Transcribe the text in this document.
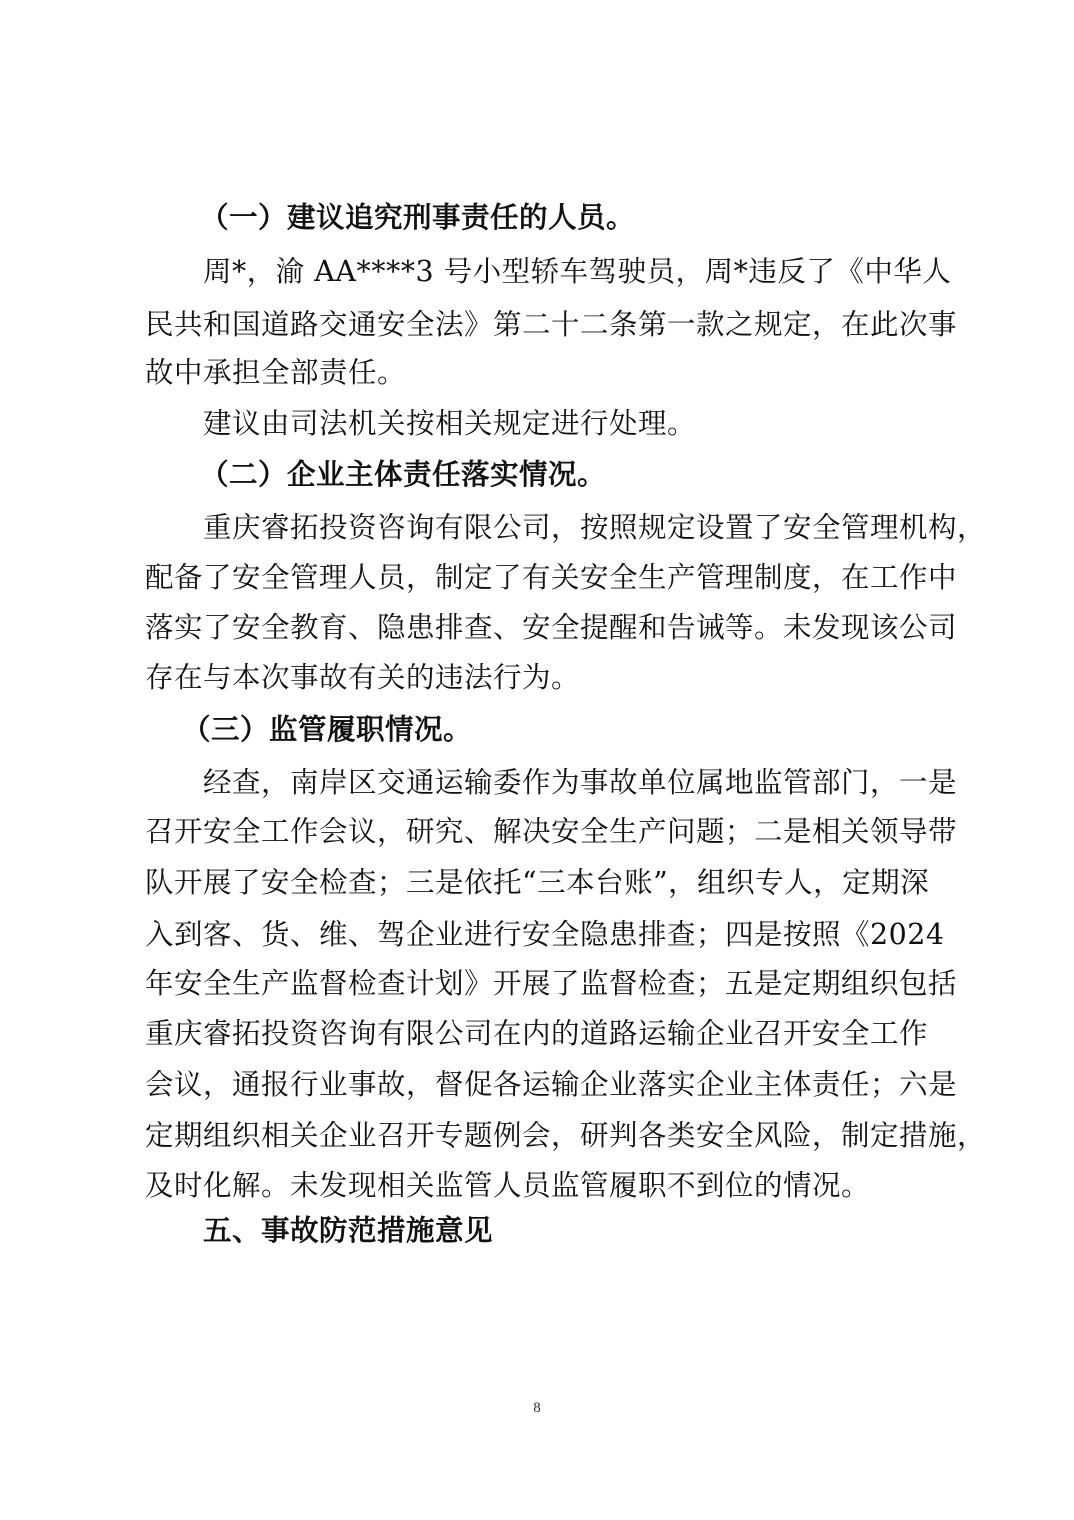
（一）建议追究刑事责任的人员。
周*，渝 AA****3 号小型轿车驾驶员，周*违反了《中华人
民共和国道路交通安全法》第二十二条第一款之规定，在此次事
故中承担全部责任。
建议由司法机关按相关规定进行处理。
（二）企业主体责任落实情况。
重庆睿拓投资咨询有限公司，按照规定设置了安全管理机构，
配备了安全管理人员，制定了有关安全生产管理制度，在工作中
落实了安全教育、隐患排查、安全提醒和告诫等。未发现该公司
存在与本次事故有关的违法行为。
（三）监管履职情况。
经查，南岸区交通运输委作为事故单位属地监管部门，一是
召开安全工作会议，研究、解决安全生产问题；二是相关领导带
队开展了安全检查；三是依托“三本台账”，组织专人，定期深
入到客、货、维、驾企业进行安全隐患排查；四是按照《2024
年安全生产监督检查计划》开展了监督检查；五是定期组织包括
重庆睿拓投资咨询有限公司在内的道路运输企业召开安全工作
会议，通报行业事故，督促各运输企业落实企业主体责任；六是
定期组织相关企业召开专题例会，研判各类安全风险，制定措施，
及时化解。未发现相关监管人员监管履职不到位的情况。
五、事故防范措施意见
8
